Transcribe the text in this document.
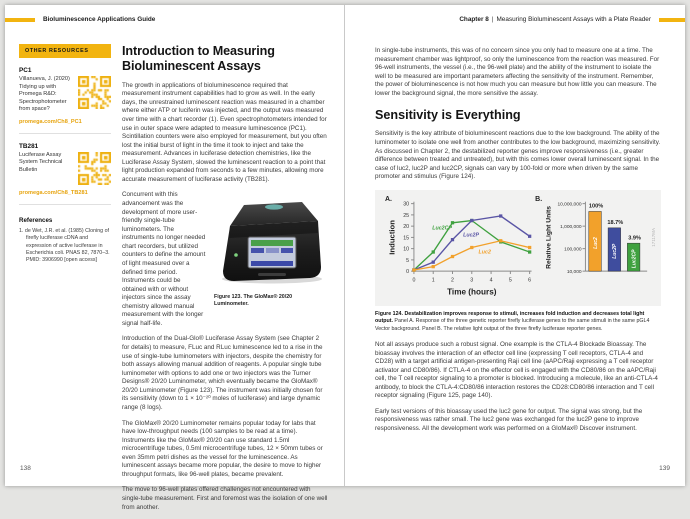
Bioluminescence Applications Guide
OTHER RESOURCES
PC1
Villanueva, J. (2020) Tidying up with Promega R&D: Spectrophotometer from space?
promega.com/Ch8_PC1
TB281
Luciferase Assay System Technical Bulletin
promega.com/Ch8_TB281
References
1. de Wet, J.R. et al. (1985) Cloning of firefly luciferase cDNA and expression of active luciferase in Escherichia coli. PNAS 82, 7870–3. PMID: 3906990 [open access]
Introduction to Measuring Bioluminescent Assays

The growth in applications of bioluminescence required that measurement instrument capabilities had to grow as well. In the early days, the unrestrained luminescent reaction was measured in a chamber where either ATP or luciferin was injected, and the output was measured over time with a chart recorder (1). Even spectrophotometers intended for use in outer space were adapted to measure luminescence (PC1). Scintillation counters were also employed for measurement, but you often lost the initial burst of light in the time it took to inject and take the measurement. Advances in luciferase detection chemistries, like the Luciferase Assay System, slowed the luminescent reaction to a point that light production expanded from seconds to a few minutes, allowing more accurate measurement of luciferase activity (TB281).

Figure 123. The GloMax® 20/20 Luminometer.
Concurrent with this advancement was the development of more user-friendly single-tube luminometers. The instruments no longer needed chart recorders, but utilized counters to define the amount of light measured over a defined time period. Instruments could be obtained with or without injectors since the assay chemistry allowed manual measurement with the longer signal half-life.

Introduction of the Dual-Glo® Luciferase Assay System (see Chapter 2 for details) to measure, FLuc and RLuc luminescence led to a rise in the use of single-tube luminometers with injectors, despite the chemistry for both assays allowing manual addition of reagents. A popular single tube luminometer with options to add one or two injectors was the Turner Designs® 20/20 Luminometer, which eventually became the GloMax® 20/20 Luminometer (Figure 123). The instrument was initially chosen for its sensitivity (down to 1 × 10⁻²⁰ moles of luciferase) and large dynamic range (8 logs).

The GloMax® 20/20 Luminometer remains popular today for labs that have low-throughput needs (100 samples to be read at a time). Instruments like the GloMax® 20/20 can use standard 1.5ml microcentrifuge tubes, 0.5ml microcentrifuge tubes, 12 × 50mm tubes or even 35mm petri dishes as the vessel for the luminescence. As luminescent assays became more popular, the desire to move to higher throughput formats, like 96-well plates, became prevalent.

The move to 96-well plates offered challenges not encountered with single-tube measurement. First and foremost was the isolation of one well from another.

138
Chapter 8 | Measuring Bioluminescent Assays with a Plate Reader

In single-tube instruments, this was of no concern since you only had to measure one at a time. The measurement chamber was lightproof, so only the luminescence from the reaction was measured. For 96-well instruments, the vessel (i.e., the 96-well plate) and the ability of the instrument to isolate the well to be measured are important parameters affecting the sensitivity of the instrument. Remember, the power of bioluminescence is not how much you can measure but how little you can measure. The lower the background signal, the more sensitive the assay.

Sensitivity is Everything

Sensitivity is the key attribute of bioluminescent reactions due to the low background. The ability of the luminometer to isolate one well from another contributes to the low background, maximizing sensitivity. As discussed in Chapter 2, the destabilized reporter genes improve responsiveness (i.e., greater difference between treated and untreated), but with this comes lower overall luminescent signal. In the case of luc2, luc2P and luc2CP, signals can vary by 100-fold or more when driven by the same promoter and stimulus (Figure 124).

A.	B.
0
5
10
15
20
25
30
0	1	2	3	4	5	6
Induction
Time (hours)
Luc2CP
Luc2P
Luc2
10,000
100,000
1,000,000
10,000,000
Relative Light Units	100%
Luc2
18.7%
Luc2P
3.9%
Luc2CP
17117MA
Figure 124. Destabilization improves response to stimuli, increases fold induction and decreases total light output. Panel A. Response of the three genetic reporter firefly luciferase genes to the same stimuli in the same pGL4 Vector background. Panel B. The relative light output of the three firefly luciferase reporter genes.

Not all assays produce such a robust signal. One example is the CTLA-4 Blockade Bioassay. The bioassay involves the interaction of an effector cell line (expressing T cell receptors, CTLA-4 and CD28) with a target artificial antigen-presenting Raji cell line (aAPC/Raji expressing a T cell receptor activator and CD80/86). If CTLA-4 on the effector cell is engaged with the CD80/86 on the aAPC/Raji cell, the T cell receptor signaling to a promoter is blocked. Introducing a molecule, like an anti-CTLA-4 antibody, to block the CTLA-4:CD80/86 interaction restores the CD28:CD80/86 interaction and T cell receptor signaling (Figure 125, page 140).

Early test versions of this bioassay used the luc2 gene for output. The signal was strong, but the responsiveness was rather small. The luc2 gene was exchanged for the luc2P gene to improve responsiveness. All the development work was performed on a GloMax® Discover instrument.

139
